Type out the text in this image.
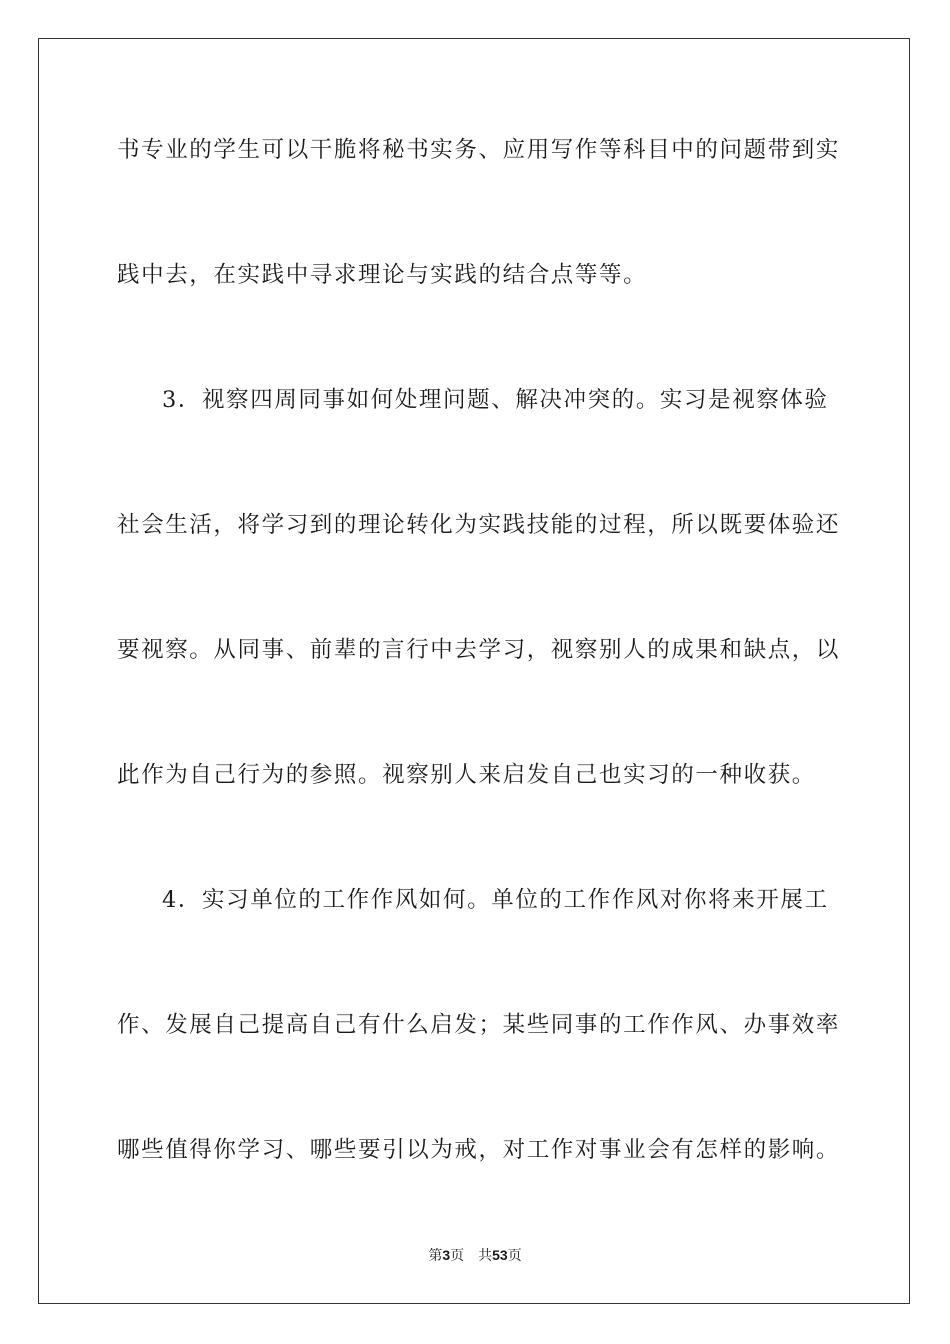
书专业的学生可以干脆将秘书实务、应用写作等科目中的问题带到实
践中去，在实践中寻求理论与实践的结合点等等。
3．视察四周同事如何处理问题、解决冲突的。实习是视察体验
社会生活，将学习到的理论转化为实践技能的过程，所以既要体验还
要视察。从同事、前辈的言行中去学习，视察别人的成果和缺点，以
此作为自己行为的参照。视察别人来启发自己也实习的一种收获。
4．实习单位的工作作风如何。单位的工作作风对你将来开展工
作、发展自己提高自己有什么启发；某些同事的工作作风、办事效率
哪些值得你学习、哪些要引以为戒，对工作对事业会有怎样的影响。
第3页 共53页
